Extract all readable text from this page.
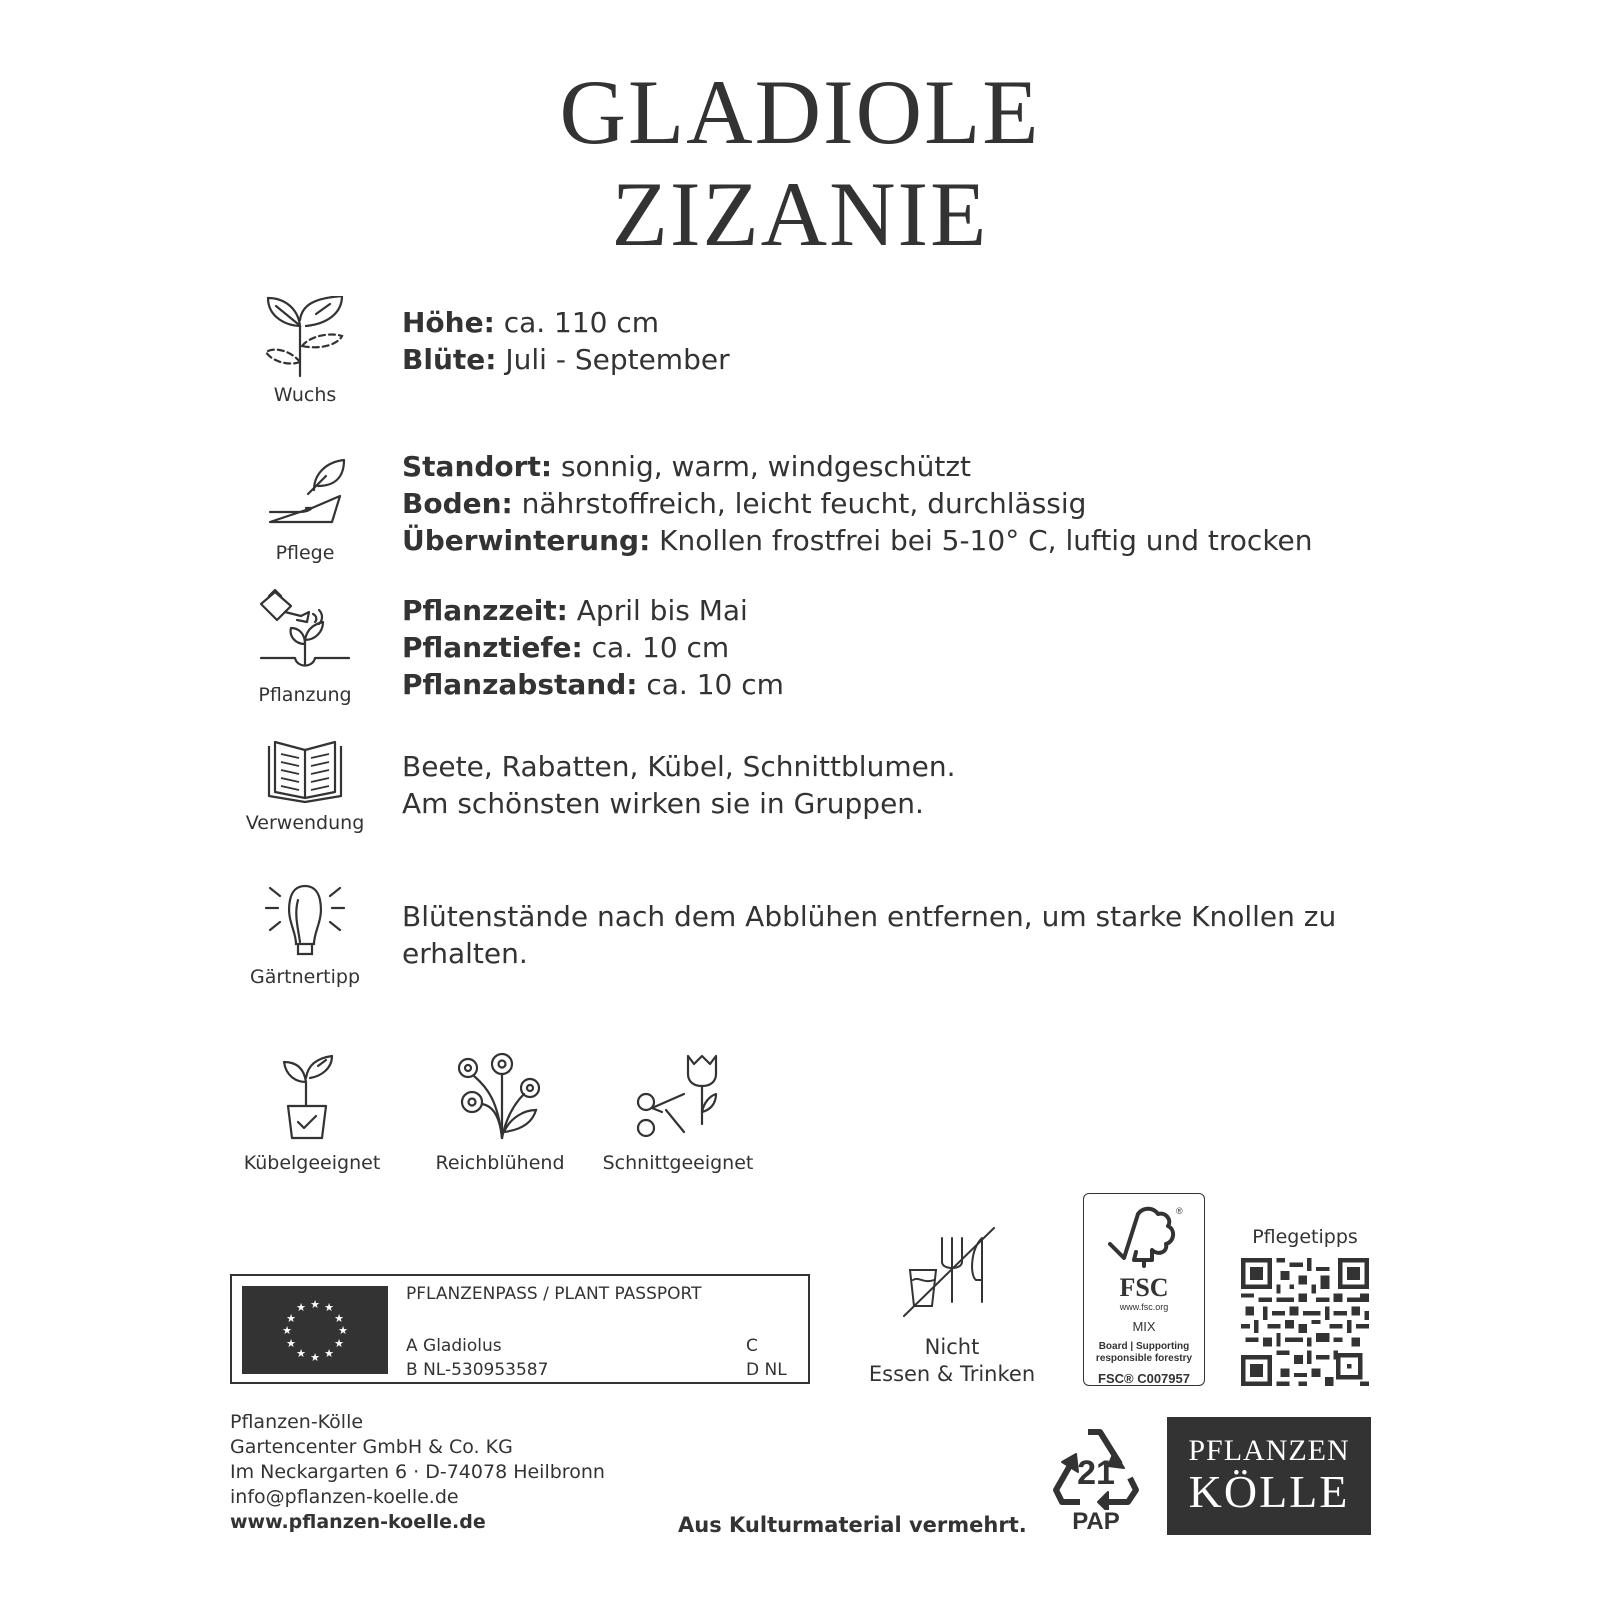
GLADIOLE
ZIZANIE
Wuchs
Höhe: ca. 110 cm
Blüte: Juli - September
Pflege
Standort: sonnig, warm, windgeschützt
Boden: nährstoffreich, leicht feucht, durchlässig
Überwinterung: Knollen frostfrei bei 5-10° C, luftig und trocken
Pflanzung
Pflanzzeit: April bis Mai
Pflanztiefe: ca. 10 cm
Pflanzabstand: ca. 10 cm
Verwendung
Beete, Rabatten, Kübel, Schnittblumen.
Am schönsten wirken sie in Gruppen.
Gärtnertipp
Blütenstände nach dem Abblühen entfernen, um starke Knollen zu
erhalten.
Kübelgeeignet	Reichblühend	Schnittgeeignet
★ ★
★
★
★
★
★
★
★
★
★
★
PFLANZENPASS / PLANT PASSPORT
A Gladiolus
B NL-530953587
C
D NL
Nicht
Essen & Trinken
®
FSC
www.fsc.org
MIX
Board | Supporting
responsible forestry
FSC® C007957
Pflegetipps
Pflanzen-Kölle
Gartencenter GmbH & Co. KG
Im Neckargarten 6 · D-74078 Heilbronn
info@pflanzen-koelle.de
www.pflanzen-koelle.de	Aus Kulturmaterial vermehrt.
21
PAP
PFLANZEN
KÖLLE
